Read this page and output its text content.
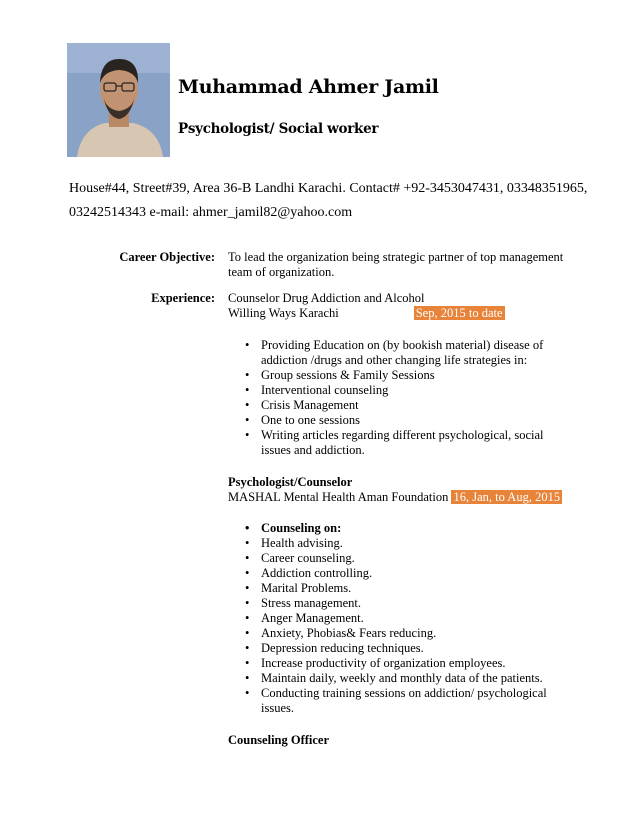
Muhammad Ahmer Jamil
Psychologist/ Social worker
House#44, Street#39, Area 36-B Landhi Karachi. Contact# +92-3453047431, 03348351965,
03242514343 e-mail: ahmer_jamil82@yahoo.com
Career Objective: To lead the organization being strategic partner of top management team of organization.
Experience: Counselor Drug Addiction and Alcohol
Willing Ways Karachi	Sep, 2015 to date
• Providing Education on (by bookish material) disease of addiction /drugs and other changing life strategies in:
• Group sessions & Family Sessions
• Interventional counseling
• Crisis Management
• One to one sessions
• Writing articles regarding different psychological, social issues and addiction.
Psychologist/Counselor
MASHAL Mental Health Aman Foundation 16, Jan, to Aug, 2015
• Counseling on:
• Health advising.
• Career counseling.
• Addiction controlling.
• Marital Problems.
• Stress management.
• Anger Management.
• Anxiety, Phobias& Fears reducing.
• Depression reducing techniques.
• Increase productivity of organization employees.
• Maintain daily, weekly and monthly data of the patients.
• Conducting training sessions on addiction/ psychological issues.
Counseling Officer
